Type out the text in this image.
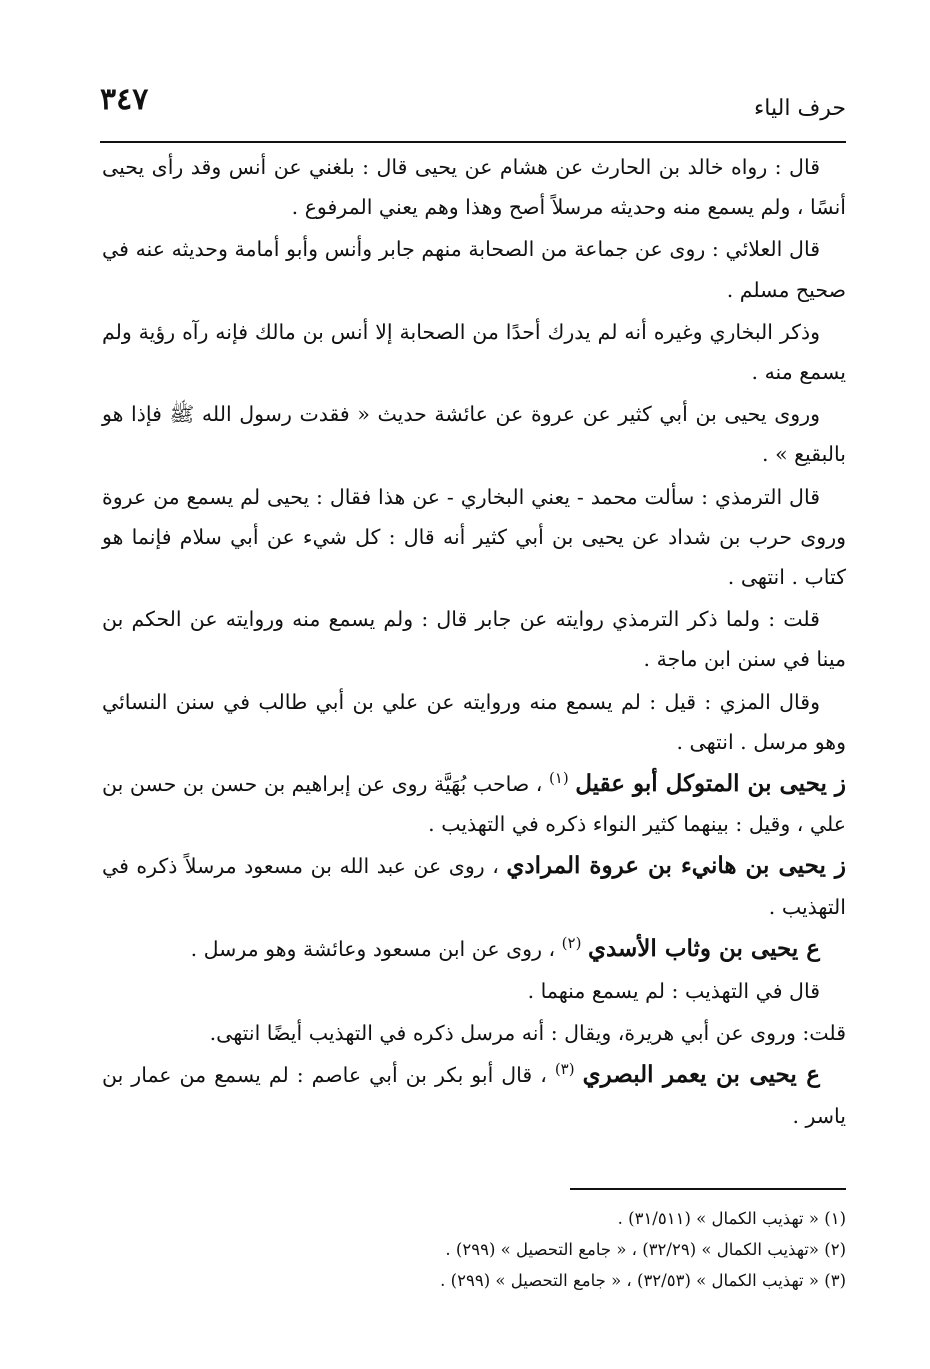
حرف الياء
٣٤٧

قال : رواه خالد بن الحارث عن هشام عن يحيى قال : بلغني عن أنس وقد رأى يحيى أنسًا ، ولم يسمع منه وحديثه مرسلاً أصح وهذا وهم يعني المرفوع .

قال العلائي : روى عن جماعة من الصحابة منهم جابر وأنس وأبو أمامة وحديثه عنه في صحيح مسلم .

وذكر البخاري وغيره أنه لم يدرك أحدًا من الصحابة إلا أنس بن مالك فإنه رآه رؤية ولم يسمع منه .

وروى يحيى بن أبي كثير عن عروة عن عائشة حديث « فقدت رسول الله ﷺ فإذا هو بالبقيع » .

قال الترمذي : سألت محمد - يعني البخاري - عن هذا فقال : يحيى لم يسمع من عروة وروى حرب بن شداد عن يحيى بن أبي كثير أنه قال : كل شيء عن أبي سلام فإنما هو كتاب . انتهى .

قلت : ولما ذكر الترمذي روايته عن جابر قال : ولم يسمع منه وروايته عن الحكم بن مينا في سنن ابن ماجة .

وقال المزي : قيل : لم يسمع منه وروايته عن علي بن أبي طالب في سنن النسائي وهو مرسل . انتهى .

ز يحيى بن المتوكل أبو عقيل $^{(١)}$ ، صاحب بُهَيَّة روى عن إبراهيم بن حسن بن حسن بن علي ، وقيل : بينهما كثير النواء ذكره في التهذيب .

ز يحيى بن هانيء بن عروة المرادي ، روى عن عبد الله بن مسعود مرسلاً ذكره في التهذيب .

ع يحيى بن وثاب الأسدي $^{(٢)}$ ، روى عن ابن مسعود وعائشة وهو مرسل .

قال في التهذيب : لم يسمع منهما .

قلت: وروى عن أبي هريرة، ويقال : أنه مرسل ذكره في التهذيب أيضًا انتهى.

ع يحيى بن يعمر البصري $^{(٣)}$ ، قال أبو بكر بن أبي عاصم : لم يسمع من عمار بن ياسر .

(١) « تهذيب الكمال » (٣١/٥١١) .
(٢) «تهذيب الكمال » (٣٢/٢٩) ، « جامع التحصيل » (٢٩٩) .
(٣) « تهذيب الكمال » (٣٢/٥٣) ، « جامع التحصيل » (٢٩٩) .
